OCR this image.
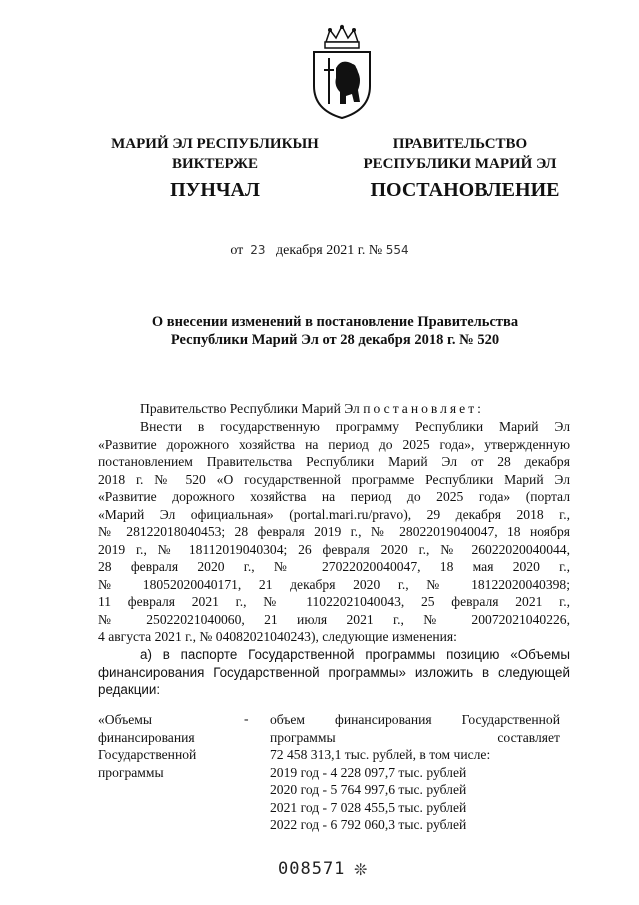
МАРИЙ ЭЛ РЕСПУБЛИКЫН
ВИКТЕРЖЕ
ПРАВИТЕЛЬСТВО
РЕСПУБЛИКИ МАРИЙ ЭЛ
ПУНЧАЛ	ПОСТАНОВЛЕНИЕ
от 23 декабря 2021 г. № 554
О внесении изменений в постановление Правительства
Республики Марий Эл от 28 декабря 2018 г. № 520
Правительство Республики Марий Эл постановляет:
Внести в государственную программу Республики Марий Эл
«Развитие дорожного хозяйства на период до 2025 года», утвержденную
постановлением Правительства Республики Марий Эл от 28 декабря
2018 г. № 520 «О государственной программе Республики Марий Эл
«Развитие дорожного хозяйства на период до 2025 года» (портал
«Марий Эл официальная» (portal.mari.ru/pravo), 29 декабря 2018 г.,
№ 28122018040453; 28 февраля 2019 г., № 28022019040047, 18 ноября
2019 г., № 18112019040304; 26 февраля 2020 г., № 26022020040044,
28 февраля 2020 г., № 27022020040047, 18 мая 2020 г.,
№ 18052020040171, 21 декабря 2020 г., № 18122020040398;
11 февраля 2021 г., № 11022021040043, 25 февраля 2021 г.,
№ 25022021040060, 21 июля 2021 г., № 20072021040226,
4 августа 2021 г., № 04082021040243), следующие изменения:
а) в паспорте Государственной программы позицию «Объемы
финансирования Государственной программы» изложить в следующей
редакции:
«Объемы
финансирования
Государственной
программы
- объем финансирования Государственной
программы составляет
72 458 313,1 тыс. рублей, в том числе:
2019 год - 4 228 097,7 тыс. рублей
2020 год - 5 764 997,6 тыс. рублей
2021 год - 7 028 455,5 тыс. рублей
2022 год - 6 792 060,3 тыс. рублей
008571 ❊
